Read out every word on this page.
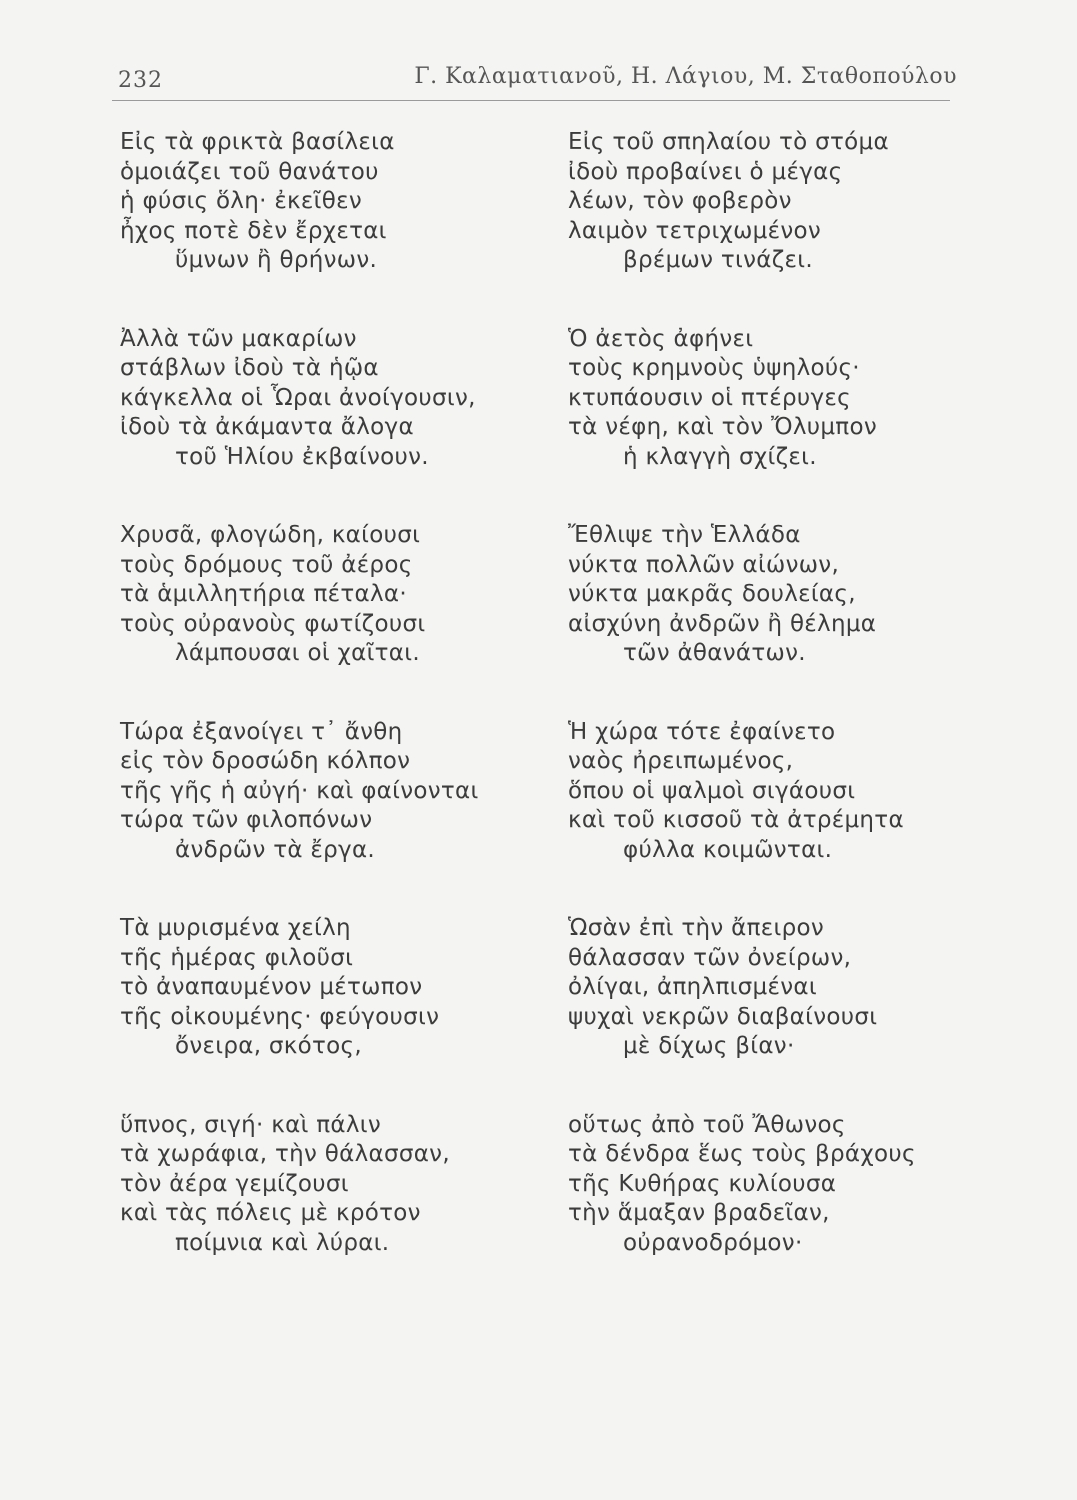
232	Γ. Καλαματιανοῦ, Η. Λάγιου, Μ. Σταθοπούλου
Εἰς τὰ φρικτὰ βασίλεια
ὁμοιάζει τοῦ θανάτου
ἡ φύσις ὅλη· ἐκεῖθεν
ἦχος ποτὲ δὲν ἔρχεται
ὕμνων ἢ θρήνων.
Ἀλλὰ τῶν μακαρίων
στάβλων ἰδοὺ τὰ ἡῷα
κάγκελλα οἱ Ὧραι ἀνοίγουσιν,
ἰδοὺ τὰ ἀκάμαντα ἄλογα
τοῦ Ἡλίου ἐκβαίνουν.
Χρυσᾶ, φλογώδη, καίουσι
τοὺς δρόμους τοῦ ἀέρος
τὰ ἁμιλλητήρια πέταλα·
τοὺς οὐρανοὺς φωτίζουσι
λάμπουσαι οἱ χαῖται.
Τώρα ἐξανοίγει τ᾽ ἄνθη
εἰς τὸν δροσώδη κόλπον
τῆς γῆς ἡ αὐγή· καὶ φαίνονται
τώρα τῶν φιλοπόνων
ἀνδρῶν τὰ ἔργα.
Τὰ μυρισμένα χείλη
τῆς ἡμέρας φιλοῦσι
τὸ ἀναπαυμένον μέτωπον
τῆς οἰκουμένης· φεύγουσιν
ὄνειρα, σκότος,
ὕπνος, σιγή· καὶ πάλιν
τὰ χωράφια, τὴν θάλασσαν,
τὸν ἀέρα γεμίζουσι
καὶ τὰς πόλεις μὲ κρότον
ποίμνια καὶ λύραι.
Εἰς τοῦ σπηλαίου τὸ στόμα
ἰδοὺ προβαίνει ὁ μέγας
λέων, τὸν φοβερὸν
λαιμὸν τετριχωμένον
βρέμων τινάζει.
Ὁ ἀετὸς ἀφήνει
τοὺς κρημνοὺς ὑψηλούς·
κτυπάουσιν οἱ πτέρυγες
τὰ νέφη, καὶ τὸν Ὄλυμπον
ἡ κλαγγὴ σχίζει.
Ἔθλιψε τὴν Ἑλλάδα
νύκτα πολλῶν αἰώνων,
νύκτα μακρᾶς δουλείας,
αἰσχύνη ἀνδρῶν ἢ θέλημα
τῶν ἀθανάτων.
Ἡ χώρα τότε ἐφαίνετο
ναὸς ἠρειπωμένος,
ὅπου οἱ ψαλμοὶ σιγάουσι
καὶ τοῦ κισσοῦ τὰ ἀτρέμητα
φύλλα κοιμῶνται.
Ὡσὰν ἐπὶ τὴν ἄπειρον
θάλασσαν τῶν ὀνείρων,
ὀλίγαι, ἀπηλπισμέναι
ψυχαὶ νεκρῶν διαβαίνουσι
μὲ δίχως βίαν·
οὕτως ἀπὸ τοῦ Ἄθωνος
τὰ δένδρα ἕως τοὺς βράχους
τῆς Κυθήρας κυλίουσα
τὴν ἅμαξαν βραδεῖαν,
οὐρανοδρόμον·
